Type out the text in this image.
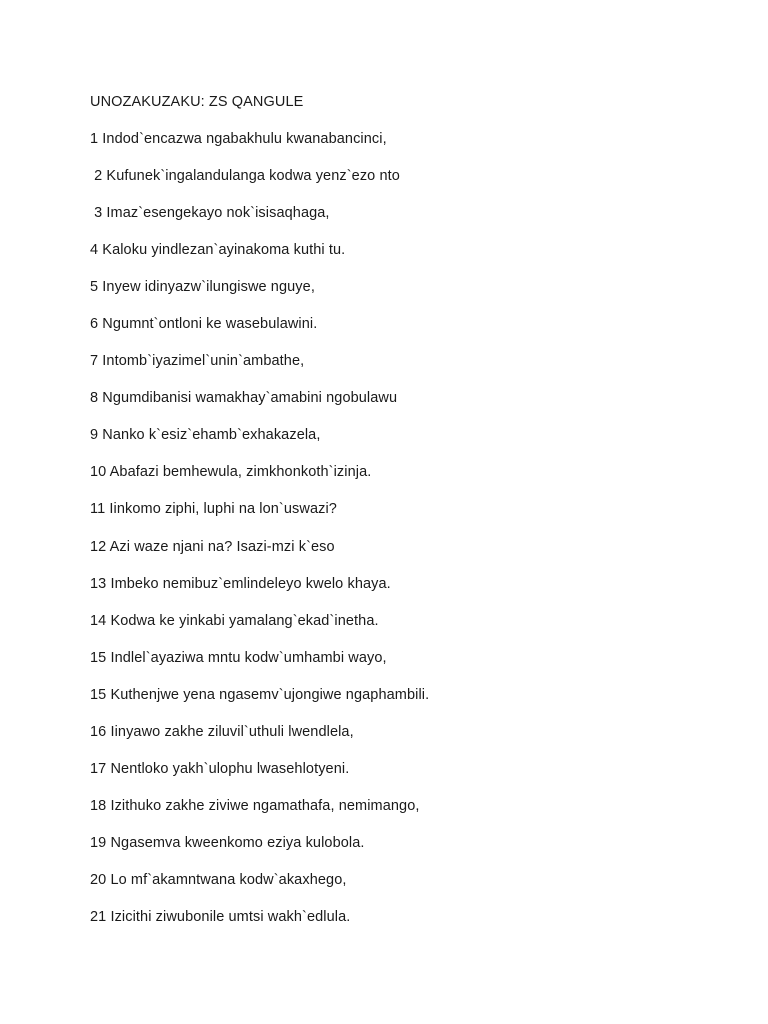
UNOZAKUZAKU: ZS QANGULE
1 Indod`encazwa ngabakhulu kwanabancinci,
2 Kufunek`ingalandulanga kodwa yenz`ezo nto
3 Imaz`esengekayo nok`isisaqhaga,
4 Kaloku yindlezan`ayinakoma kuthi tu.
5 Inyew idinyazw`ilungiswe nguye,
6 Ngumnt`ontloni ke wasebulawini.
7 Intomb`iyazimel`unin`ambathe,
8 Ngumdibanisi wamakhay`amabini ngobulawu
9 Nanko k`esiz`ehamb`exhakazela,
10 Abafazi bemhewula, zimkhonkoth`izinja.
11 Iinkomo ziphi, luphi na lon`uswazi?
12 Azi waze njani na? Isazi-mzi k`eso
13 Imbeko nemibuz`emlindeleyo kwelo khaya.
14 Kodwa ke yinkabi yamalang`ekad`inetha.
15 Indlel`ayaziwa mntu kodw`umhambi wayo,
15 Kuthenjwe yena ngasemv`ujongiwe ngaphambili.
16 Iinyawo zakhe ziluvil`uthuli lwendlela,
17 Nentloko yakh`ulophu lwasehlotyeni.
18 Izithuko zakhe ziviwe ngamathafa, nemimango,
19 Ngasemva kweenkomo eziya kulobola.
20 Lo mf`akamntwana kodw`akaxhego,
21 Izicithi ziwubonile umtsi wakh`edlula.
